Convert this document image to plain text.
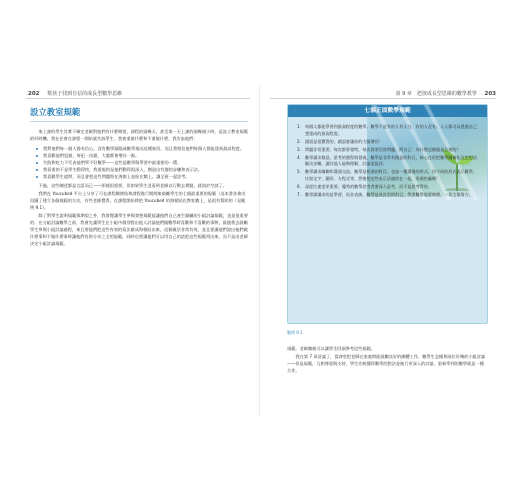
202 幫孩子找到自信的成長型數學思維	第 9 章　把孩成長型思維的數學教學 203
設立教室規範

來上課的學生其實不確定老師對他們有什麼期望，課程的頭幾天，甚至第一天上課的頭幾個小時，是設立教室規範的好時機。我在任會在課程一開始就告訴學生，我會重視什麼和不重視什麼，我告訴他們：

我對他們每一個人都有信心，沒有數學頭腦或數學基因這種東西，而且我相信他們每個人都能達到最高程度。
我喜歡他們犯錯，每犯一次錯，大腦都會增長一點。
失敗和吃力不代表他們學不好數學——這些是數學與學習中最重要的一環。
我看重的不是學生動得快，我重視的是他們動得很深入，創造出有趣的步驟和表示法。
我喜歡學生提問，而且會把這些問題寫在海報上並貼在牆上，讓全班一起思考。

不過，這些陳述都是言語而已——即使很重要，但如果學生沒看到老師以行動去實踐，就流於空談了。

我們在 Youcubed 平台上分享了可在課程剛開始和課程進行期間來鼓勵學生的七個最重要的規範（這本書各會出回圖了建立各個規範的方法，有些老師覺得，在課程開始時把 Youcubed 的海報貼在教室牆上，是很有幫助的（見範例 9.1）。

除了對學生說明規範與期望之外，我發覺讓學生參與發想規範能讓他們自己產生歸屬的小組討論規範，也是很重要的。在分組討論數學之前，我會先讓學生在小組中個別寫出他人討論他們做數學時喜歡和不喜歡的事物，最後我去鼓勵學生參與小組討論過程，來且要他們把這些有效的看法做成海報貼出來，這個做法非常有效，並且要讓他們說出他們做什麼事和不做什麼事時讓他們有助分享之全的規範，同時也要讓他們可以用自己的話把這些規範列出來，而不是由老師決定小組討論規範。

七個正面數學規範
1. 每個人都能學習到最高程度的數學。數學不是有的人有天分，有的人沒有。人人都可以透過自己想達成的最高程度。
2. 錯誤是很寶貴的，錯誤會讓你的大腦增長！
3. 問題非常重要。每次都要發問，每次都要回答問題。問自己：為什麼這樣做是合理的？
4. 數學講求創意。思考的歷程與發現，數學是非常有創意的科目，核心在於把數學圖像化及把想法解決步驟，讓其他人能夠理解，討論並批評。
5. 數學講求關聯和溝通交流。數學是相通的科目，也是一種溝通的形式，用不同的形式表示數學，比如文字、圖形、方程式等，然後把這些表示法連結在一起，用顏色編碼！
6. 深度比速度更重要。優秀的數學思考者會深入思考，而不是思考得快。
7. 數學課講求的是學習，而非表演。數學是成長型的科目，學習數學需要時間，一切全靠努力。
範例 9.1

規範。老師隨後可以讓學生回頭參考這些規範。

我在第 7 章討論了，當課堂把老師在家庭時能鼓勵良好的團體工作，數學生怎樣和兩位好幾的小組討論——但是規範，互相尊重與支持，學生比較懂得數學的想法並進行更深入的討論，重新學到的數學就是一種合作。
